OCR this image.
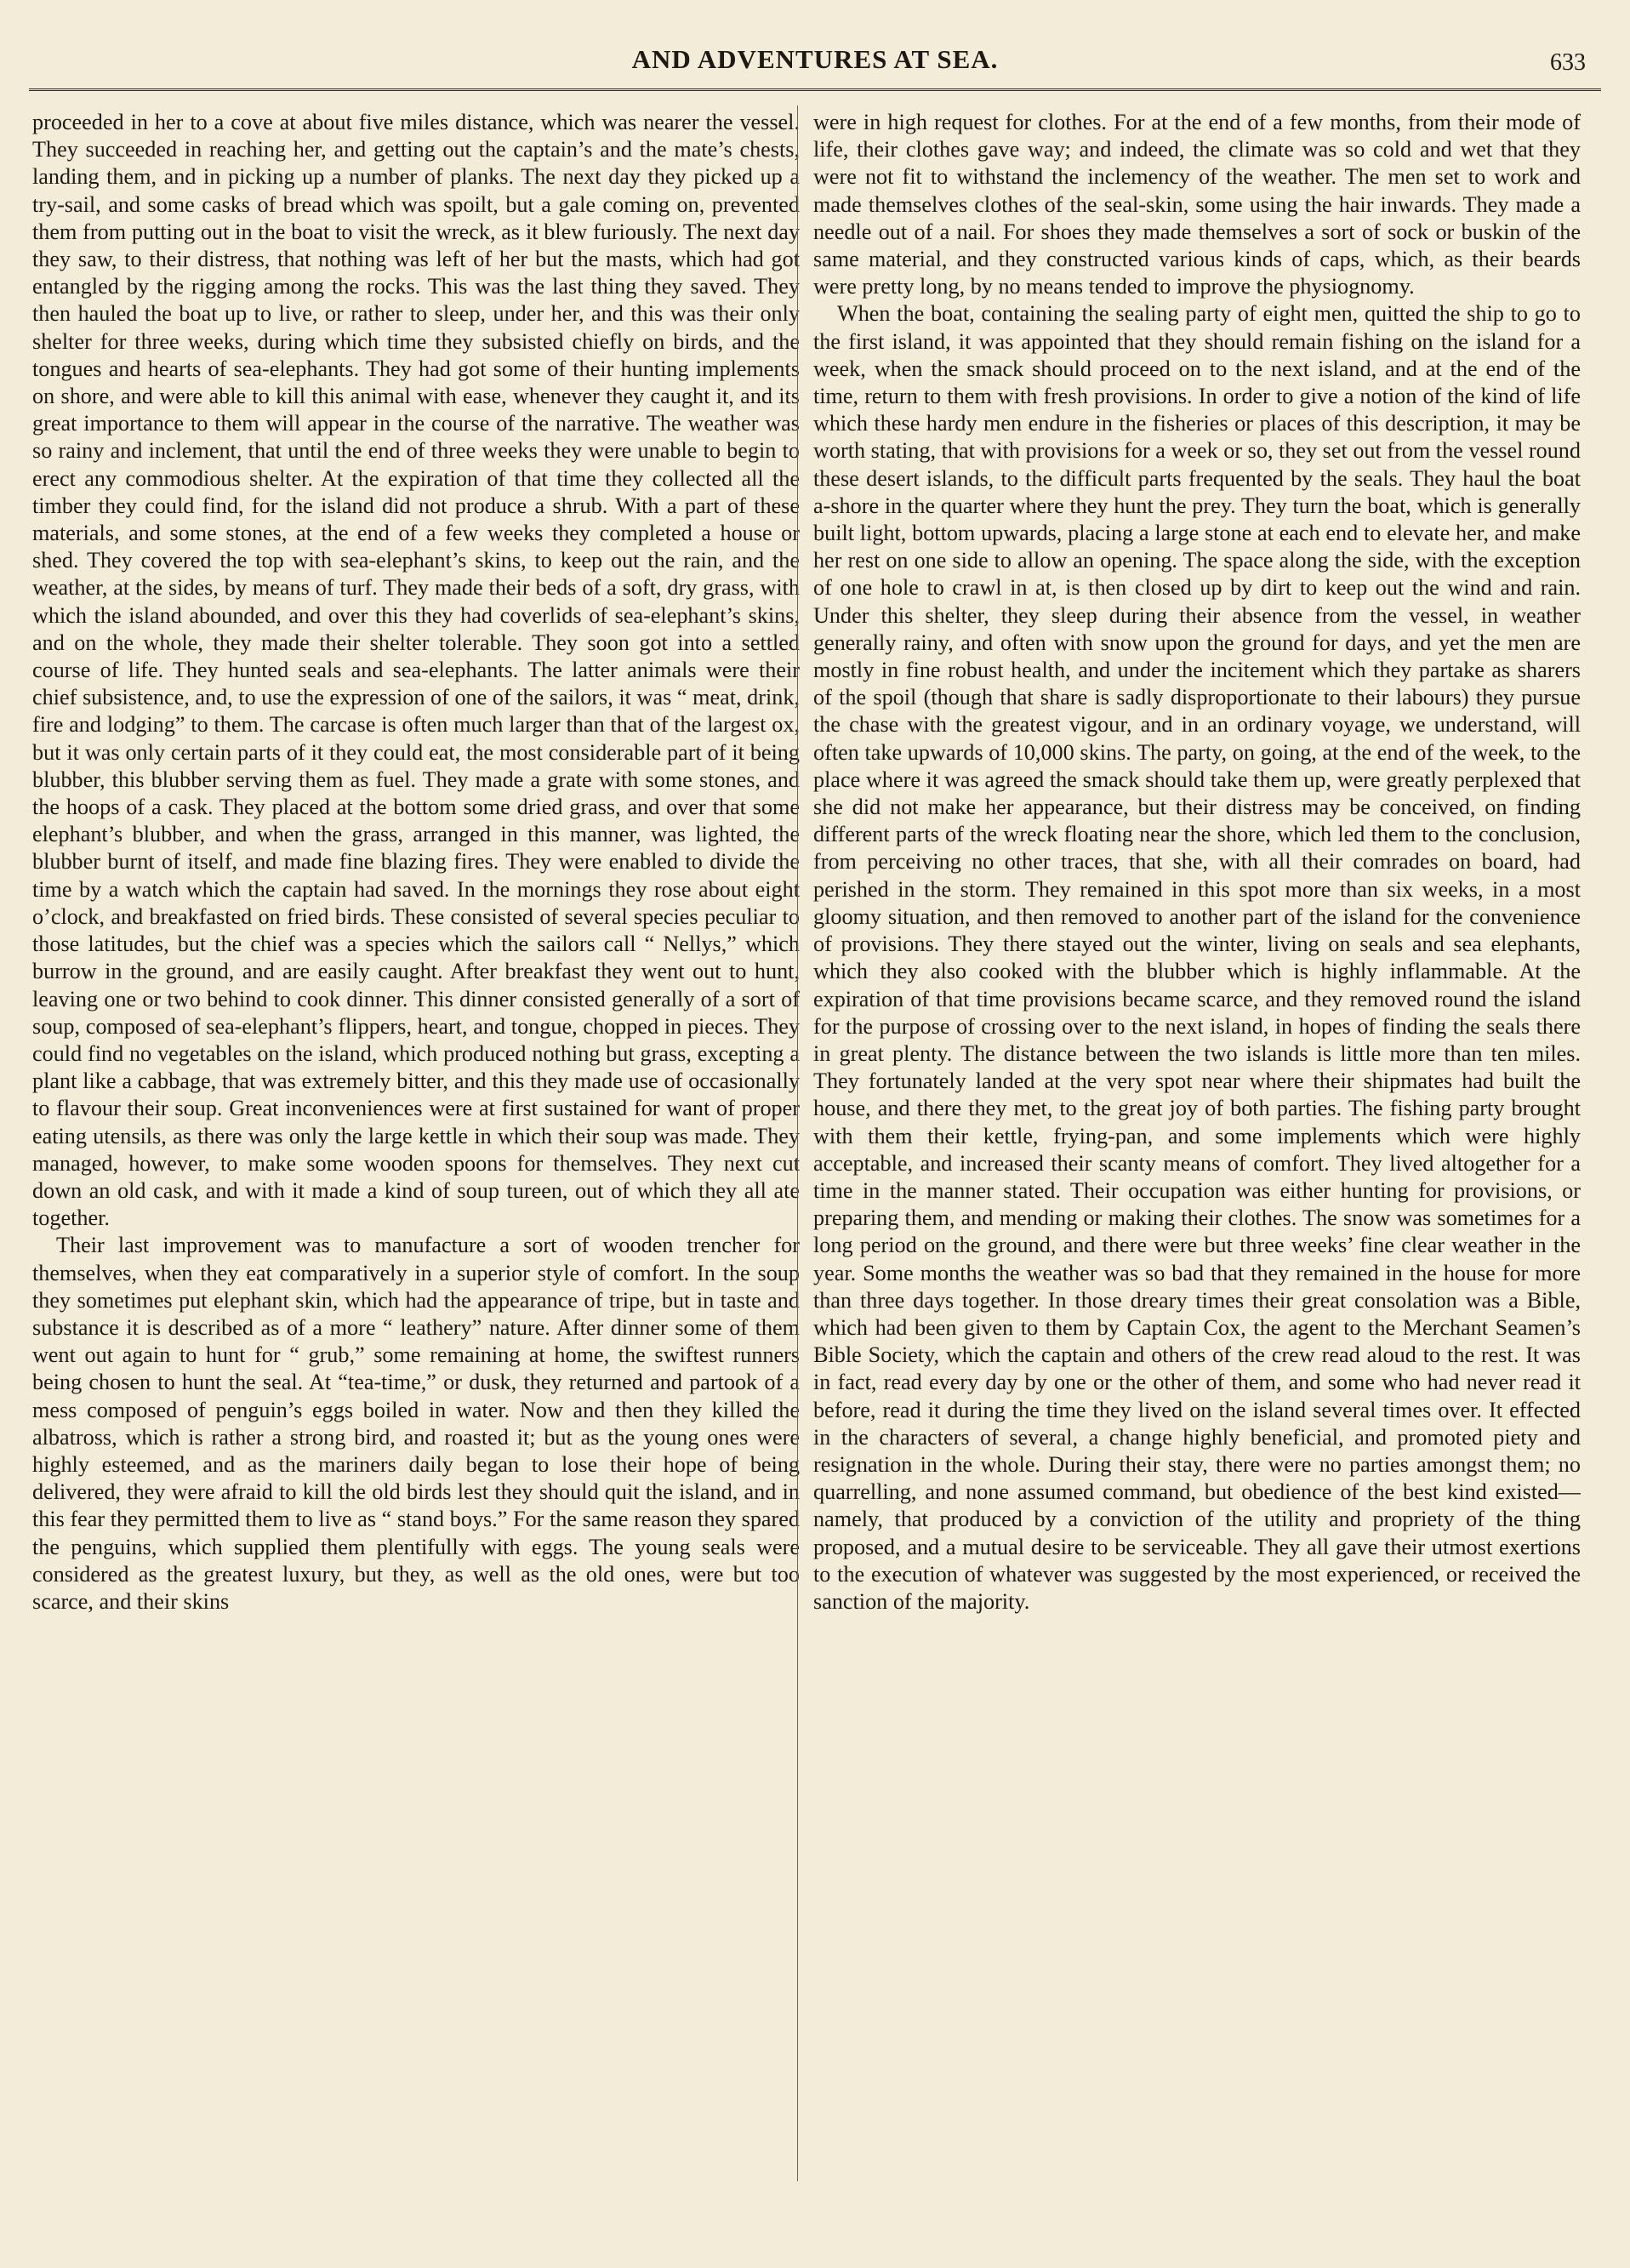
AND ADVENTURES AT SEA.	633

proceeded in her to a cove at about five miles distance, which was nearer the vessel. They succeeded in reaching her, and getting out the captain’s and the mate’s chests, landing them, and in picking up a number of planks. The next day they picked up a try-sail, and some casks of bread which was spoilt, but a gale coming on, prevented them from putting out in the boat to visit the wreck, as it blew furiously. The next day they saw, to their distress, that nothing was left of her but the masts, which had got entangled by the rigging among the rocks. This was the last thing they saved. They then hauled the boat up to live, or rather to sleep, under her, and this was their only shelter for three weeks, during which time they subsisted chiefly on birds, and the tongues and hearts of sea-elephants. They had got some of their hunting implements on shore, and were able to kill this animal with ease, whenever they caught it, and its great importance to them will appear in the course of the narrative. The weather was so rainy and inclement, that until the end of three weeks they were unable to begin to erect any commodious shelter. At the expiration of that time they collected all the timber they could find, for the island did not produce a shrub. With a part of these materials, and some stones, at the end of a few weeks they completed a house or shed. They covered the top with sea-elephant’s skins, to keep out the rain, and the weather, at the sides, by means of turf. They made their beds of a soft, dry grass, with which the island abounded, and over this they had coverlids of sea-elephant’s skins, and on the whole, they made their shelter tolerable. They soon got into a settled course of life. They hunted seals and sea-elephants. The latter animals were their chief subsistence, and, to use the expression of one of the sailors, it was “ meat, drink, fire and lodging” to them. The carcase is often much larger than that of the largest ox, but it was only certain parts of it they could eat, the most considerable part of it being blubber, this blubber serving them as fuel. They made a grate with some stones, and the hoops of a cask. They placed at the bottom some dried grass, and over that some elephant’s blubber, and when the grass, arranged in this manner, was lighted, the blubber burnt of itself, and made fine blazing fires. They were enabled to divide the time by a watch which the captain had saved. In the mornings they rose about eight o’clock, and breakfasted on fried birds. These consisted of several species peculiar to those latitudes, but the chief was a species which the sailors call “ Nellys,” which burrow in the ground, and are easily caught. After breakfast they went out to hunt, leaving one or two behind to cook dinner. This dinner consisted generally of a sort of soup, composed of sea-elephant’s flippers, heart, and tongue, chopped in pieces. They could find no vegetables on the island, which produced nothing but grass, excepting a plant like a cabbage, that was extremely bitter, and this they made use of occasionally to flavour their soup. Great inconveniences were at first sustained for want of proper eating utensils, as there was only the large kettle in which their soup was made. They managed, however, to make some wooden spoons for themselves. They next cut down an old cask, and with it made a kind of soup tureen, out of which they all ate together.

Their last improvement was to manufacture a sort of wooden trencher for themselves, when they eat comparatively in a superior style of comfort. In the soup they sometimes put elephant skin, which had the appearance of tripe, but in taste and substance it is described as of a more “ leathery” nature. After dinner some of them went out again to hunt for “ grub,” some remaining at home, the swiftest runners being chosen to hunt the seal. At “tea-time,” or dusk, they returned and partook of a mess composed of penguin’s eggs boiled in water. Now and then they killed the albatross, which is rather a strong bird, and roasted it; but as the young ones were highly esteemed, and as the mariners daily began to lose their hope of being delivered, they were afraid to kill the old birds lest they should quit the island, and in this fear they permitted them to live as “ stand boys.” For the same reason they spared the penguins, which supplied them plentifully with eggs. The young seals were considered as the greatest luxury, but they, as well as the old ones, were but too scarce, and their skins

were in high request for clothes. For at the end of a few months, from their mode of life, their clothes gave way; and indeed, the climate was so cold and wet that they were not fit to withstand the inclemency of the weather. The men set to work and made themselves clothes of the seal-skin, some using the hair inwards. They made a needle out of a nail. For shoes they made themselves a sort of sock or buskin of the same material, and they constructed various kinds of caps, which, as their beards were pretty long, by no means tended to improve the physiognomy.

When the boat, containing the sealing party of eight men, quitted the ship to go to the first island, it was appointed that they should remain fishing on the island for a week, when the smack should proceed on to the next island, and at the end of the time, return to them with fresh provisions. In order to give a notion of the kind of life which these hardy men endure in the fisheries or places of this description, it may be worth stating, that with provisions for a week or so, they set out from the vessel round these desert islands, to the difficult parts frequented by the seals. They haul the boat a-shore in the quarter where they hunt the prey. They turn the boat, which is generally built light, bottom upwards, placing a large stone at each end to elevate her, and make her rest on one side to allow an opening. The space along the side, with the exception of one hole to crawl in at, is then closed up by dirt to keep out the wind and rain. Under this shelter, they sleep during their absence from the vessel, in weather generally rainy, and often with snow upon the ground for days, and yet the men are mostly in fine robust health, and under the incitement which they partake as sharers of the spoil (though that share is sadly disproportionate to their labours) they pursue the chase with the greatest vigour, and in an ordinary voyage, we understand, will often take upwards of 10,000 skins. The party, on going, at the end of the week, to the place where it was agreed the smack should take them up, were greatly perplexed that she did not make her appearance, but their distress may be conceived, on finding different parts of the wreck floating near the shore, which led them to the conclusion, from perceiving no other traces, that she, with all their comrades on board, had perished in the storm. They remained in this spot more than six weeks, in a most gloomy situation, and then removed to another part of the island for the convenience of provisions. They there stayed out the winter, living on seals and sea elephants, which they also cooked with the blubber which is highly inflammable. At the expiration of that time provisions became scarce, and they removed round the island for the purpose of crossing over to the next island, in hopes of finding the seals there in great plenty. The distance between the two islands is little more than ten miles. They fortunately landed at the very spot near where their shipmates had built the house, and there they met, to the great joy of both parties. The fishing party brought with them their kettle, frying-pan, and some implements which were highly acceptable, and increased their scanty means of comfort. They lived altogether for a time in the manner stated. Their occupation was either hunting for provisions, or preparing them, and mending or making their clothes. The snow was sometimes for a long period on the ground, and there were but three weeks’ fine clear weather in the year. Some months the weather was so bad that they remained in the house for more than three days together. In those dreary times their great consolation was a Bible, which had been given to them by Captain Cox, the agent to the Merchant Seamen’s Bible Society, which the captain and others of the crew read aloud to the rest. It was in fact, read every day by one or the other of them, and some who had never read it before, read it during the time they lived on the island several times over. It effected in the characters of several, a change highly beneficial, and promoted piety and resignation in the whole. During their stay, there were no parties amongst them; no quarrelling, and none assumed command, but obedience of the best kind existed—namely, that produced by a conviction of the utility and propriety of the thing proposed, and a mutual desire to be serviceable. They all gave their utmost exertions to the execution of whatever was suggested by the most experienced, or received the sanction of the majority.
